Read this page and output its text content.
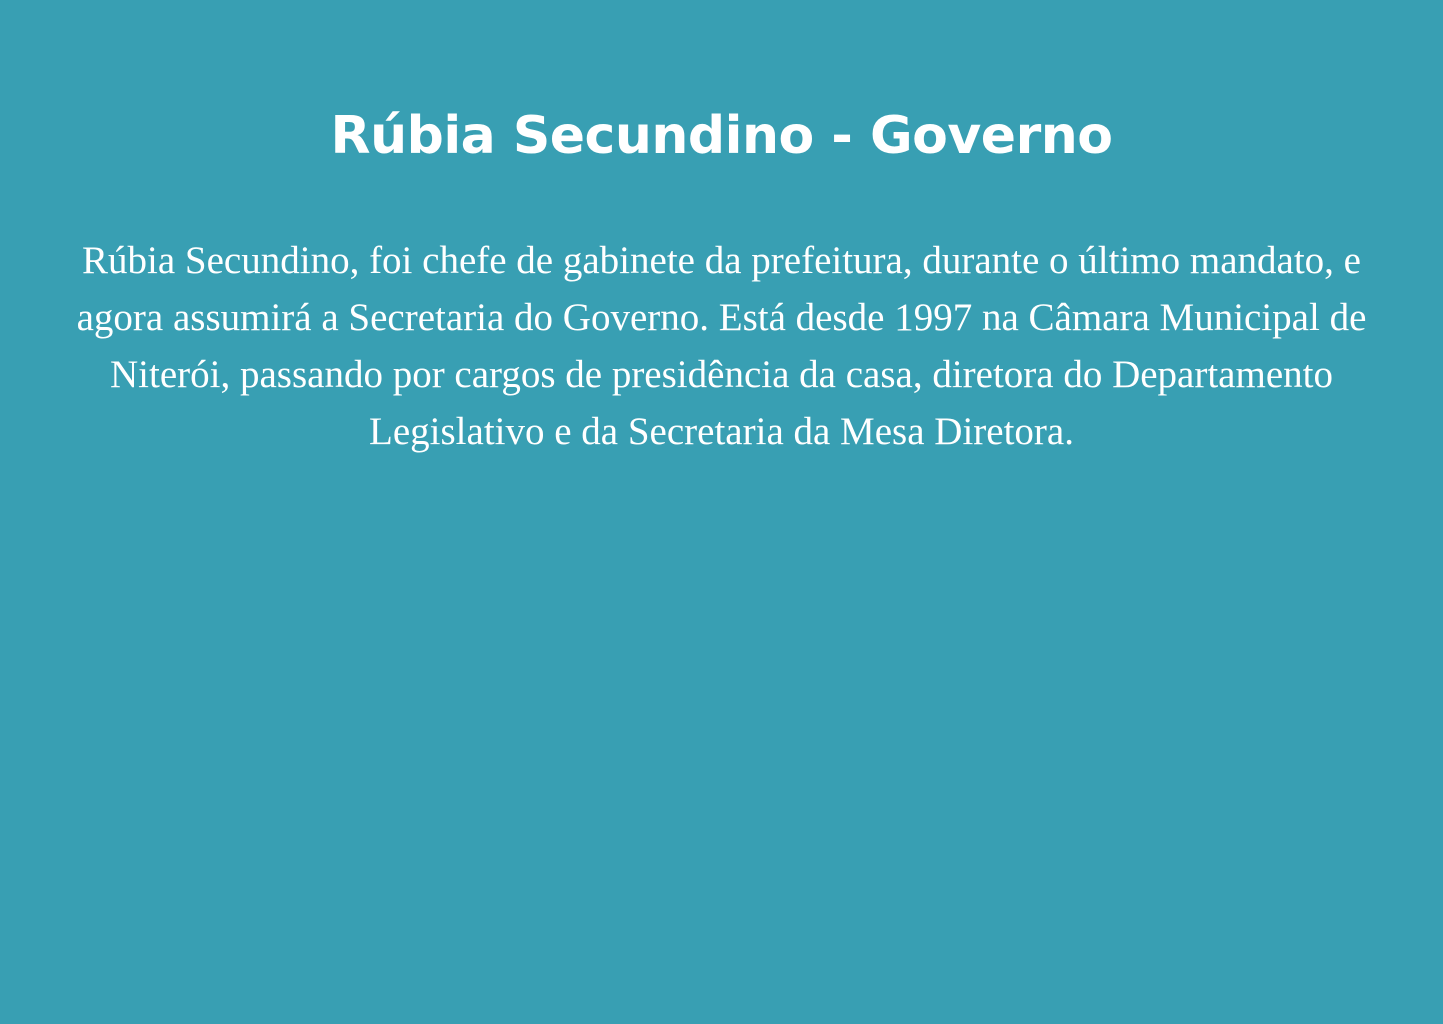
Rúbia Secundino - Governo

Rúbia Secundino, foi chefe de gabinete da prefeitura, durante o último mandato, e agora assumirá a Secretaria do Governo. Está desde 1997 na Câmara Municipal de Niterói, passando por cargos de presidência da casa, diretora do Departamento Legislativo e da Secretaria da Mesa Diretora.
